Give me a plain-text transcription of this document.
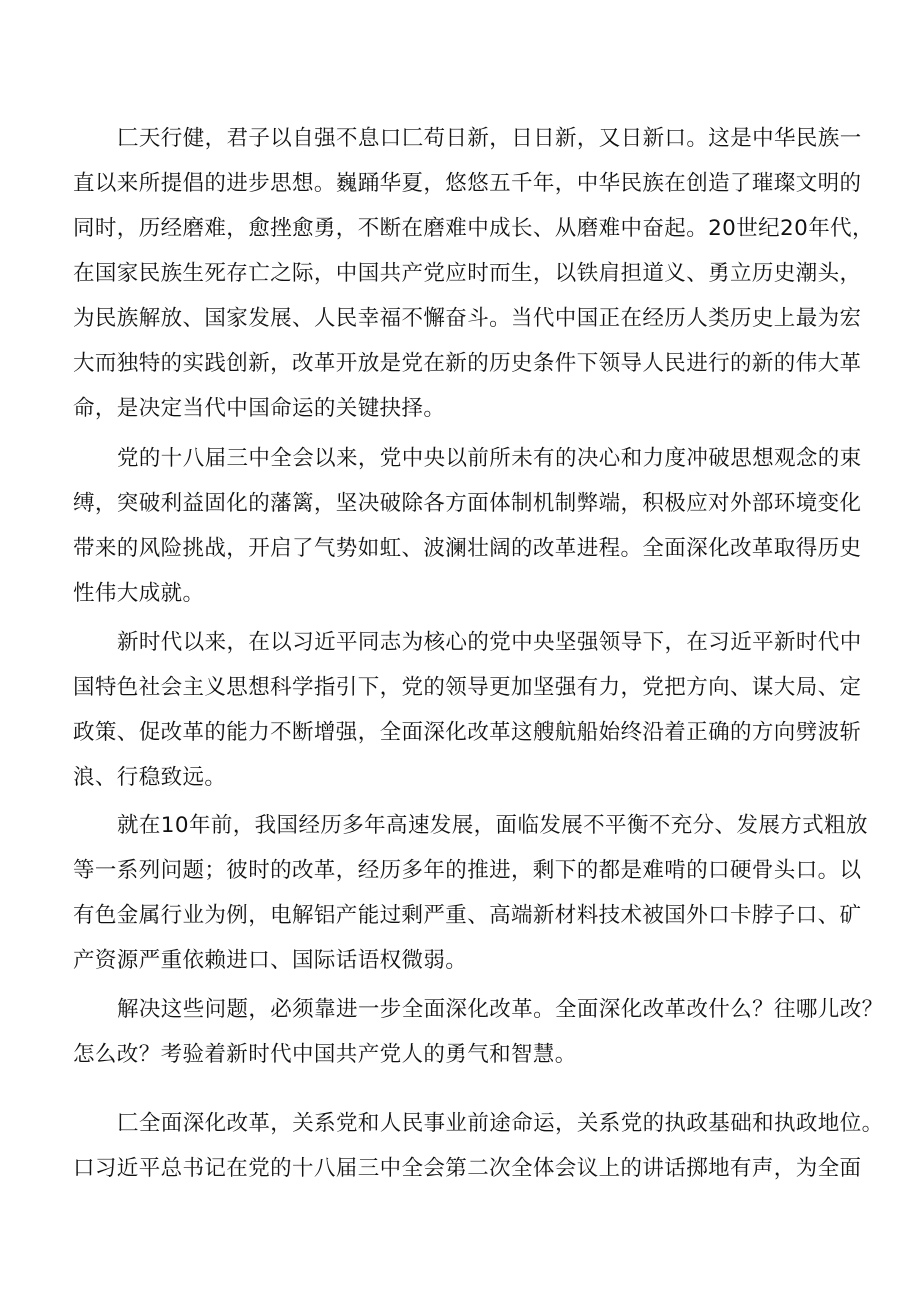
匚天行健，君子以自强不息口匚苟日新，日日新，又日新口。这是中华民族一
直以来所提倡的进步思想。巍踊华夏，悠悠五千年，中华民族在创造了璀璨文明的
同时，历经磨难，愈挫愈勇，不断在磨难中成长、从磨难中奋起。20世纪20年代，
在国家民族生死存亡之际，中国共产党应时而生，以铁肩担道义、勇立历史潮头，
为民族解放、国家发展、人民幸福不懈奋斗。当代中国正在经历人类历史上最为宏
大而独特的实践创新，改革开放是党在新的历史条件下领导人民进行的新的伟大革
命，是决定当代中国命运的关键抉择。
党的十八届三中全会以来，党中央以前所未有的决心和力度冲破思想观念的束
缚，突破利益固化的藩篱，坚决破除各方面体制机制弊端，积极应对外部环境变化
带来的风险挑战，开启了气势如虹、波澜壮阔的改革进程。全面深化改革取得历史
性伟大成就。
新时代以来，在以习近平同志为核心的党中央坚强领导下，在习近平新时代中
国特色社会主义思想科学指引下，党的领导更加坚强有力，党把方向、谋大局、定
政策、促改革的能力不断增强，全面深化改革这艘航船始终沿着正确的方向劈波斩
浪、行稳致远。
就在10年前，我国经历多年高速发展，面临发展不平衡不充分、发展方式粗放
等一系列问题；彼时的改革，经历多年的推进，剩下的都是难啃的口硬骨头口。以
有色金属行业为例，电解铝产能过剩严重、高端新材料技术被国外口卡脖子口、矿
产资源严重依赖进口、国际话语权微弱。
解决这些问题，必须靠进一步全面深化改革。全面深化改革改什么？往哪儿改？
怎么改？考验着新时代中国共产党人的勇气和智慧。
匚全面深化改革，关系党和人民事业前途命运，关系党的执政基础和执政地位。
口习近平总书记在党的十八届三中全会第二次全体会议上的讲话掷地有声，为全面
